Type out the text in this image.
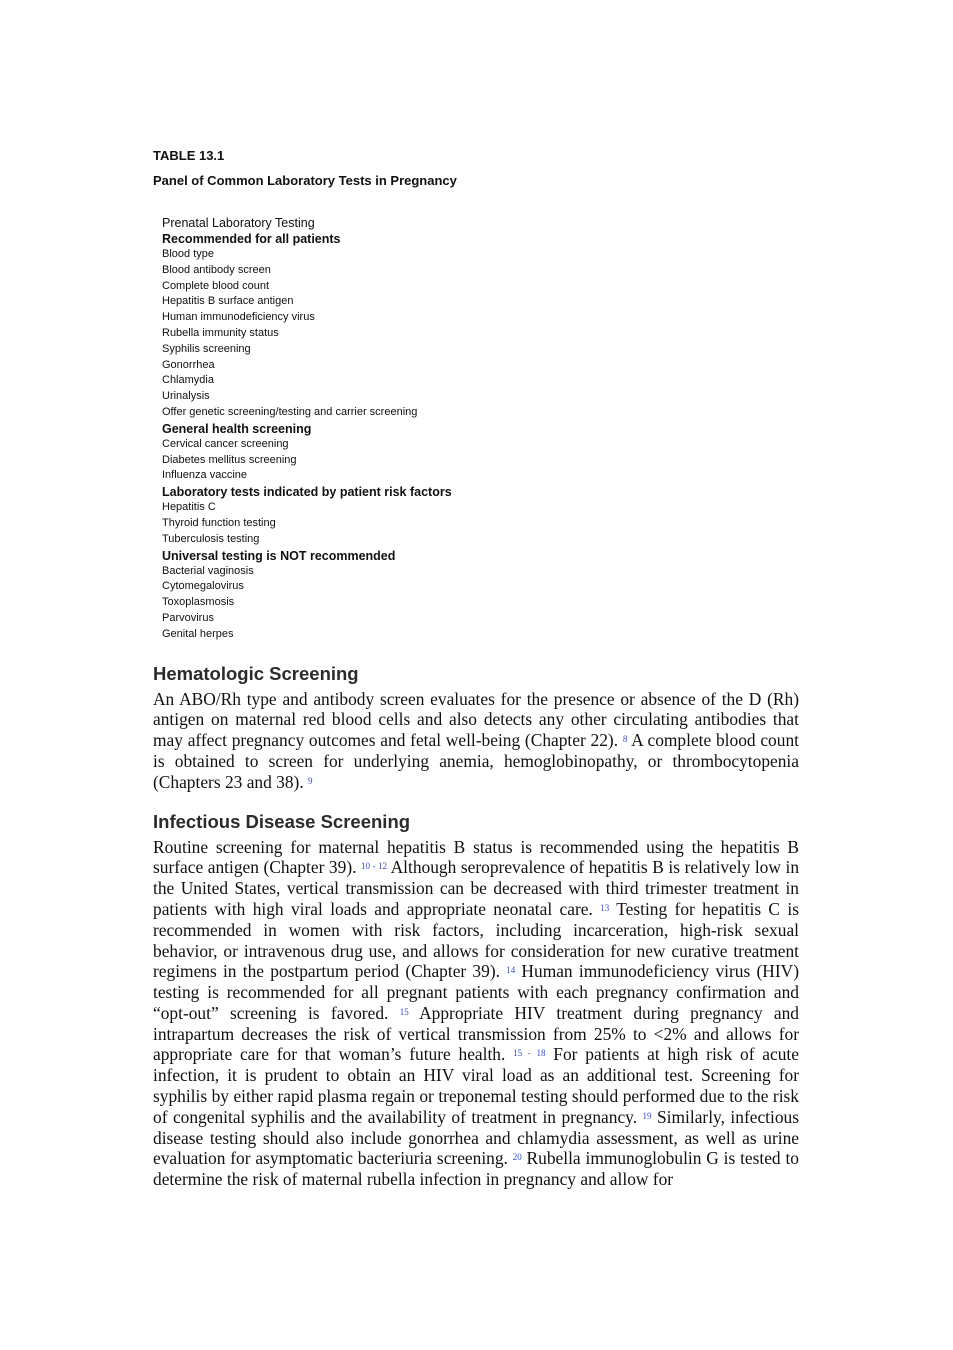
TABLE 13.1

Panel of Common Laboratory Tests in Pregnancy

Prenatal Laboratory Testing
Recommended for all patients
Blood type
Blood antibody screen
Complete blood count
Hepatitis B surface antigen
Human immunodeficiency virus
Rubella immunity status
Syphilis screening
Gonorrhea
Chlamydia
Urinalysis
Offer genetic screening/testing and carrier screening
General health screening
Cervical cancer screening
Diabetes mellitus screening
Influenza vaccine
Laboratory tests indicated by patient risk factors
Hepatitis C
Thyroid function testing
Tuberculosis testing
Universal testing is NOT recommended
Bacterial vaginosis
Cytomegalovirus
Toxoplasmosis
Parvovirus
Genital herpes
Hematologic Screening

An ABO/Rh type and antibody screen evaluates for the presence or absence of the D (Rh) antigen on maternal red blood cells and also detects any other circulating antibodies that may affect pregnancy outcomes and fetal well-being (Chapter 22). $^8$ A complete blood count is obtained to screen for underlying anemia, hemoglobinopathy, or thrombocytopenia (Chapters 23 and 38). $^9$

Infectious Disease Screening

Routine screening for maternal hepatitis B status is recommended using the hepatitis B surface antigen (Chapter 39). $^{10 - 12}$ Although seroprevalence of hepatitis B is relatively low in the United States, vertical transmission can be decreased with third trimester treatment in patients with high viral loads and appropriate neonatal care. $^{13}$ Testing for hepatitis C is recommended in women with risk factors, including incarceration, high-risk sexual behavior, or intravenous drug use, and allows for consideration for new curative treatment regimens in the postpartum period (Chapter 39). $^{14}$ Human immunodeficiency virus (HIV) testing is recommended for all pregnant patients with each pregnancy confirmation and “opt-out” screening is favored. $^{15}$ Appropriate HIV treatment during pregnancy and intrapartum decreases the risk of vertical transmission from 25% to <2% and allows for appropriate care for that woman’s future health. $^{15 - 18}$ For patients at high risk of acute infection, it is prudent to obtain an HIV viral load as an additional test. Screening for syphilis by either rapid plasma regain or treponemal testing should performed due to the risk of congenital syphilis and the availability of treatment in pregnancy. $^{19}$ Similarly, infectious disease testing should also include gonorrhea and chlamydia assessment, as well as urine evaluation for asymptomatic bacteriuria screening. $^{20}$ Rubella immunoglobulin G is tested to determine the risk of maternal rubella infection in pregnancy and allow for
